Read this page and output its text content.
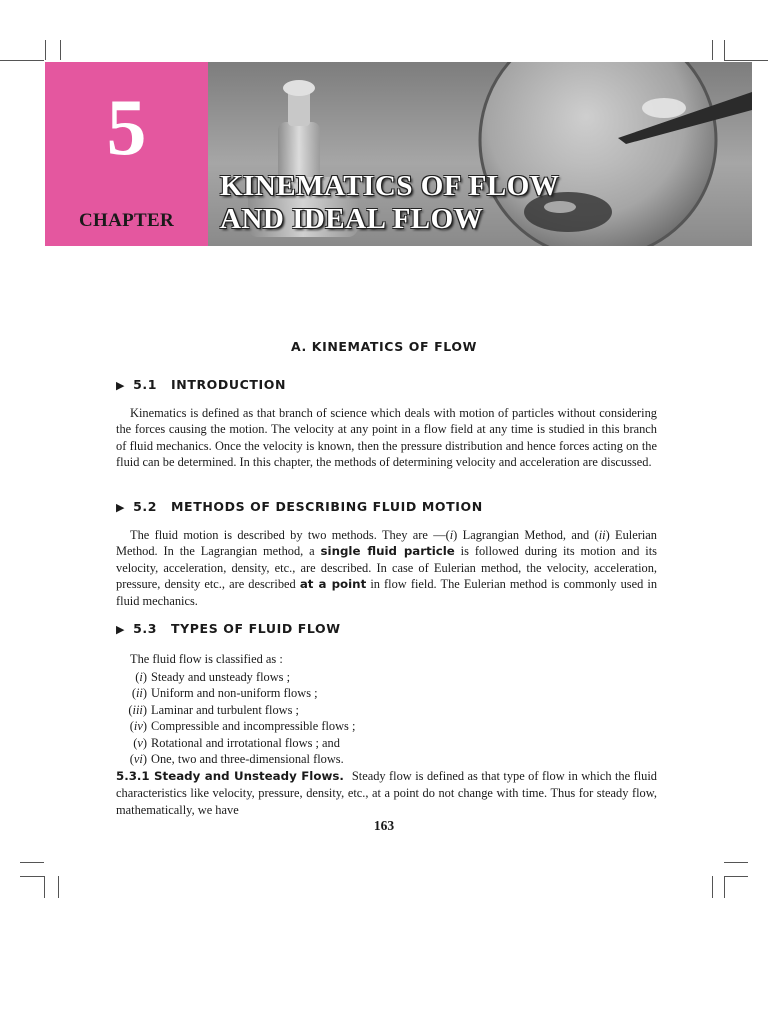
5
CHAPTER
KINEMATICS OF FLOW
AND IDEAL FLOW
A. KINEMATICS OF FLOW
▶ 5.1 INTRODUCTION

Kinematics is defined as that branch of science which deals with motion of particles without considering the forces causing the motion. The velocity at any point in a flow field at any time is studied in this branch of fluid mechanics. Once the velocity is known, then the pressure distribution and hence forces acting on the fluid can be determined. In this chapter, the methods of determining velocity and acceleration are discussed.

▶ 5.2 METHODS OF DESCRIBING FLUID MOTION

The fluid motion is described by two methods. They are —(i) Lagrangian Method, and (ii) Eulerian Method. In the Lagrangian method, a single fluid particle is followed during its motion and its velocity, acceleration, density, etc., are described. In case of Eulerian method, the velocity, acceleration, pressure, density etc., are described at a point in flow field. The Eulerian method is commonly used in fluid mechanics.

▶ 5.3 TYPES OF FLUID FLOW
The fluid flow is classified as :
(i) Steady and unsteady flows ;
(ii) Uniform and non-uniform flows ;
(iii) Laminar and turbulent flows ;
(iv) Compressible and incompressible flows ;
(v) Rotational and irrotational flows ; and
(vi) One, two and three-dimensional flows.

5.3.1 Steady and Unsteady Flows. Steady flow is defined as that type of flow in which the fluid characteristics like velocity, pressure, density, etc., at a point do not change with time. Thus for steady flow, mathematically, we have

163
